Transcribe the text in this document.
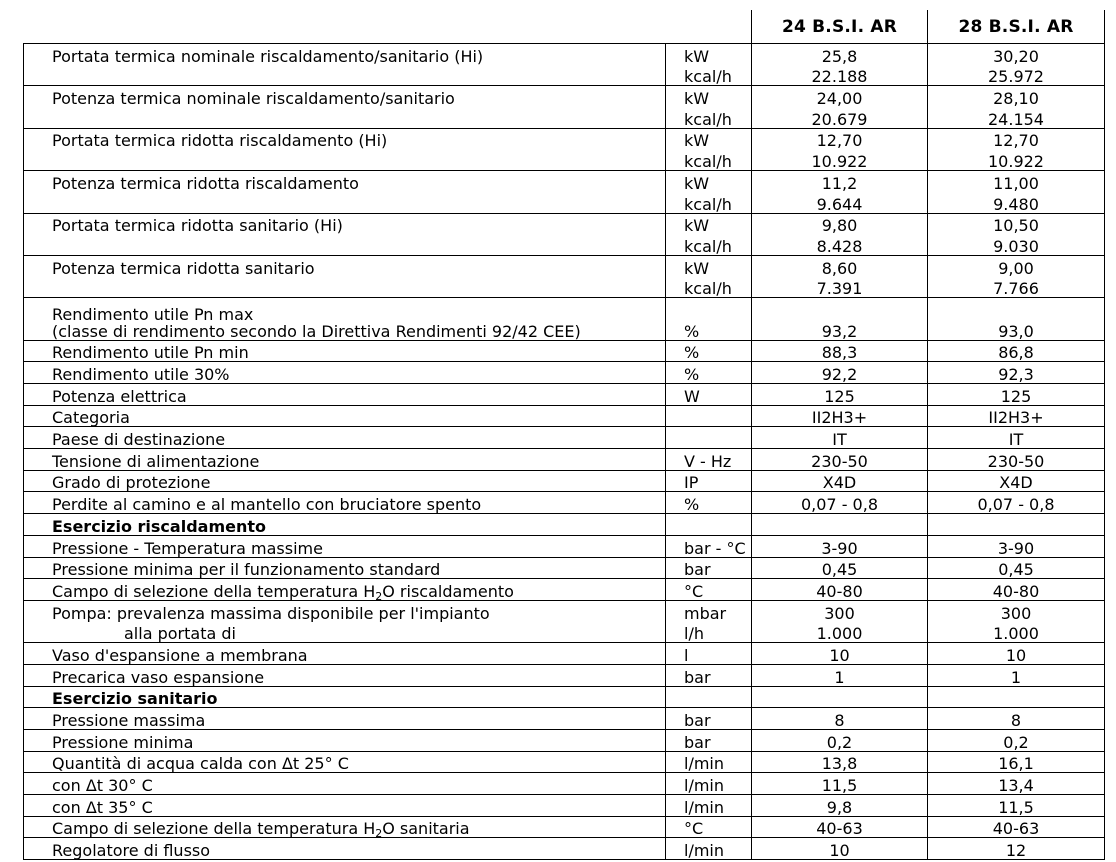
		24 B.S.I. AR	28 B.S.I. AR
Portata termica nominale riscaldamento/sanitario (Hi)	kW	25,8	30,20
	kcal/h	22.188	25.972
Potenza termica nominale riscaldamento/sanitario	kW	24,00	28,10
	kcal/h	20.679	24.154
Portata termica ridotta riscaldamento (Hi)	kW	12,70	12,70
	kcal/h	10.922	10.922
Potenza termica ridotta riscaldamento	kW	11,2	11,00
	kcal/h	9.644	9.480
Portata termica ridotta sanitario (Hi)	kW	9,80	10,50
	kcal/h	8.428	9.030
Potenza termica ridotta sanitario	kW	8,60	9,00
	kcal/h	7.391	7.766

Rendimento utile Pn max
(classe di rendimento secondo la Direttiva Rendimenti 92/42 CEE)	%	93,2	93,0
Rendimento utile Pn min	%	88,3	86,8
Rendimento utile 30%	%	92,2	92,3
Potenza elettrica	W	125	125
Categoria		II2H3+	II2H3+
Paese di destinazione		IT	IT
Tensione di alimentazione	V - Hz	230-50	230-50
Grado di protezione	IP	X4D	X4D
Perdite al camino e al mantello con bruciatore spento	%	0,07 - 0,8	0,07 - 0,8
Esercizio riscaldamento			
Pressione - Temperatura massime	bar - °C	3-90	3-90
Pressione minima per il funzionamento standard	bar	0,45	0,45
Campo di selezione della temperatura $H_2O$ riscaldamento	°C	40-80	40-80
Pompa: prevalenza massima disponibile per l'impianto	mbar	300	300
alla portata di	l/h	1.000	1.000
Vaso d'espansione a membrana	l	10	10
Precarica vaso espansione	bar	1	1
Esercizio sanitario			
Pressione massima	bar	8	8
Pressione minima	bar	0,2	0,2
Quantità di acqua calda con Δt 25° C	l/min	13,8	16,1
con Δt 30° C	l/min	11,5	13,4
con Δt 35° C	l/min	9,8	11,5
Campo di selezione della temperatura $H_2O$ sanitaria	°C	40-63	40-63
Regolatore di flusso	l/min	10	12
